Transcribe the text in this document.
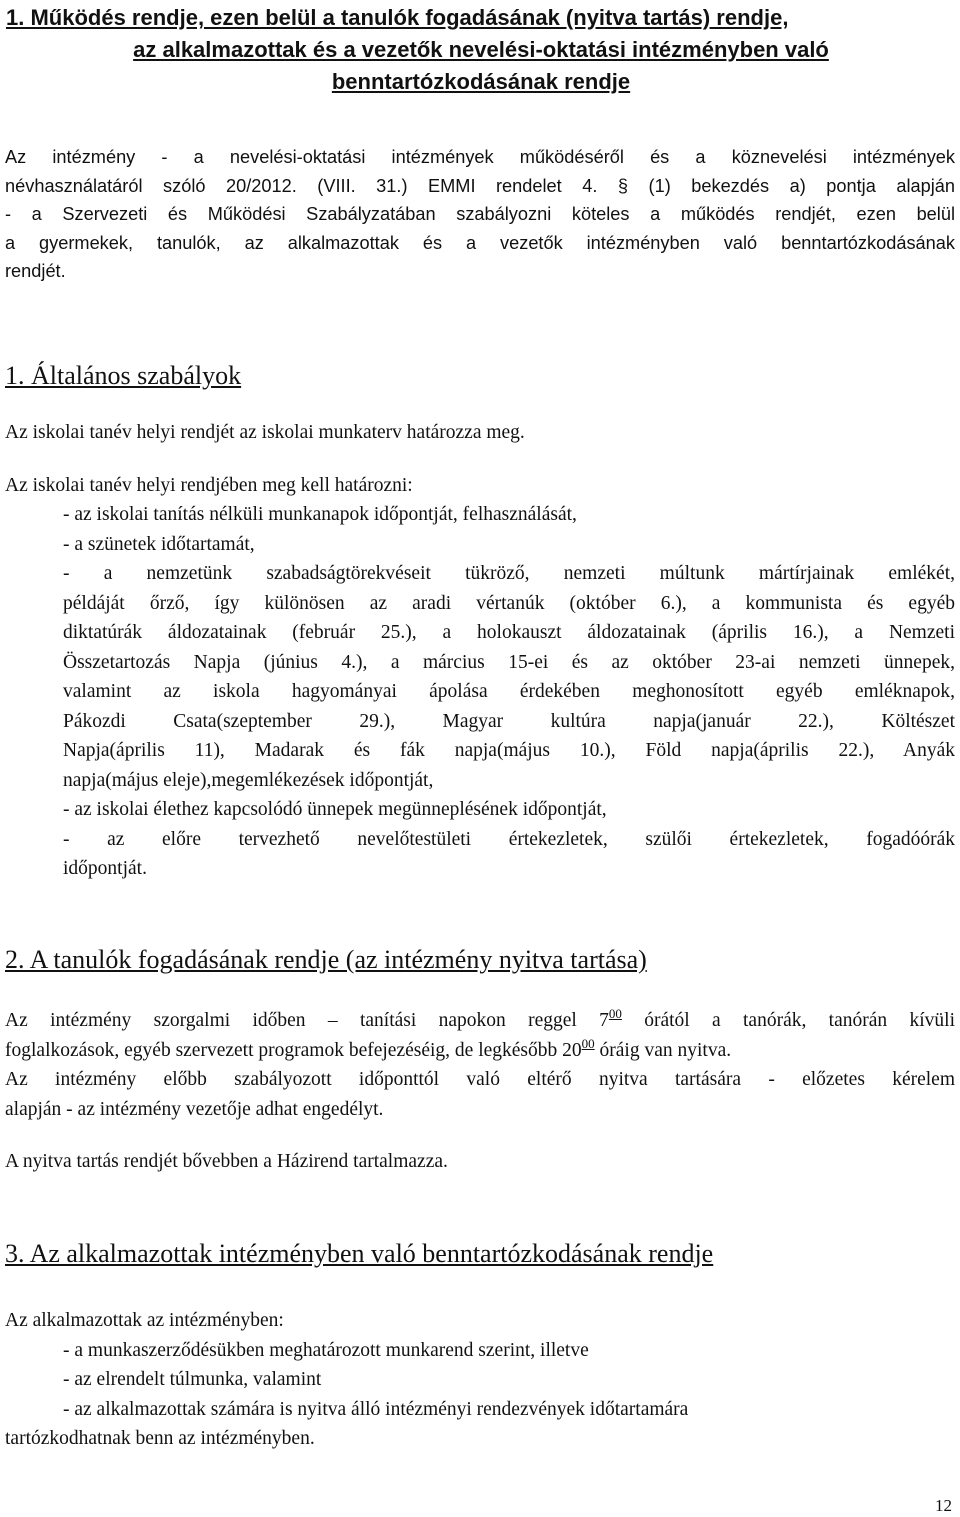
1. Működés rendje, ezen belül a tanulók fogadásának (nyitva tartás) rendje,
az alkalmazottak és a vezetők nevelési-oktatási intézményben való
benntartózkodásának rendje
Az intézmény - a nevelési-oktatási intézmények működéséről és a köznevelési intézmények
névhasználatáról szóló 20/2012. (VIII. 31.) EMMI rendelet 4. § (1) bekezdés a) pontja alapján
- a Szervezeti és Működési Szabályzatában szabályozni köteles a működés rendjét, ezen belül
a gyermekek, tanulók, az alkalmazottak és a vezetők intézményben való benntartózkodásának
rendjét.
1. Általános szabályok
Az iskolai tanév helyi rendjét az iskolai munkaterv határozza meg.
Az iskolai tanév helyi rendjében meg kell határozni:
- az iskolai tanítás nélküli munkanapok időpontját, felhasználását,
- a szünetek időtartamát,
- a nemzetünk szabadságtörekvéseit tükröző, nemzeti múltunk mártírjainak emlékét,
példáját őrző, így különösen az aradi vértanúk (október 6.), a kommunista és egyéb
diktatúrák áldozatainak (február 25.), a holokauszt áldozatainak (április 16.), a Nemzeti
Összetartozás Napja (június 4.), a március 15-ei és az október 23-ai nemzeti ünnepek,
valamint az iskola hagyományai ápolása érdekében meghonosított egyéb emléknapok,
Pákozdi Csata(szeptember 29.), Magyar kultúra napja(január 22.), Költészet
Napja(április 11), Madarak és fák napja(május 10.), Föld napja(április 22.), Anyák
napja(május eleje),megemlékezések időpontját,
- az iskolai élethez kapcsolódó ünnepek megünneplésének időpontját,
- az előre tervezhető nevelőtestületi értekezletek, szülői értekezletek, fogadóórák
időpontját.
2. A tanulók fogadásának rendje (az intézmény nyitva tartása)
Az intézmény szorgalmi időben – tanítási napokon reggel $7^{00}$ órától a tanórák, tanórán kívüli
foglalkozások, egyéb szervezett programok befejezéséig, de legkésőbb $20^{00}$ óráig van nyitva.
Az intézmény előbb szabályozott időponttól való eltérő nyitva tartására - előzetes kérelem
alapján - az intézmény vezetője adhat engedélyt.
A nyitva tartás rendjét bővebben a Házirend tartalmazza.
3. Az alkalmazottak intézményben való benntartózkodásának rendje
Az alkalmazottak az intézményben:
- a munkaszerződésükben meghatározott munkarend szerint, illetve
- az elrendelt túlmunka, valamint
- az alkalmazottak számára is nyitva álló intézményi rendezvények időtartamára
tartózkodhatnak benn az intézményben.
12
